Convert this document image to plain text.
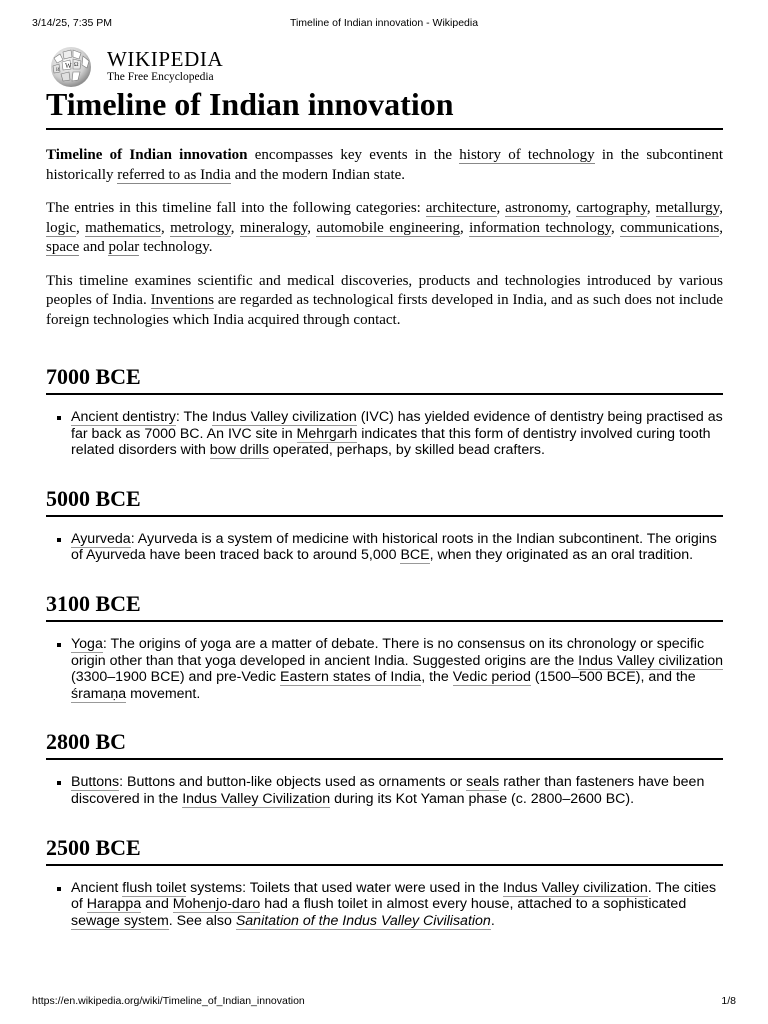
3/14/25, 7:35 PM	Timeline of Indian innovation - Wikipedia
W Ω
И WIKIPEDIA
The Free Encyclopedia
Timeline of Indian innovation

Timeline of Indian innovation encompasses key events in the history of technology in the subcontinent historically referred to as India and the modern Indian state.

The entries in this timeline fall into the following categories: architecture, astronomy, cartography, metallurgy, logic, mathematics, metrology, mineralogy, automobile engineering, information technology, communications, space and polar technology.

This timeline examines scientific and medical discoveries, products and technologies introduced by various peoples of India. Inventions are regarded as technological firsts developed in India, and as such does not include foreign technologies which India acquired through contact.

7000 BCE
Ancient dentistry: The Indus Valley civilization (IVC) has yielded evidence of dentistry being practised as far back as 7000 BC. An IVC site in Mehrgarh indicates that this form of dentistry involved curing tooth related disorders with bow drills operated, perhaps, by skilled bead crafters.
5000 BCE
Ayurveda: Ayurveda is a system of medicine with historical roots in the Indian subcontinent. The origins of Ayurveda have been traced back to around 5,000 BCE, when they originated as an oral tradition.
3100 BCE
Yoga: The origins of yoga are a matter of debate. There is no consensus on its chronology or specific origin other than that yoga developed in ancient India. Suggested origins are the Indus Valley civilization (3300–1900 BCE) and pre-Vedic Eastern states of India, the Vedic period (1500–500 BCE), and the śramaṇa movement.
2800 BC
Buttons: Buttons and button-like objects used as ornaments or seals rather than fasteners have been discovered in the Indus Valley Civilization during its Kot Yaman phase (c. 2800–2600 BC).
2500 BCE
Ancient flush toilet systems: Toilets that used water were used in the Indus Valley civilization. The cities of Harappa and Mohenjo-daro had a flush toilet in almost every house, attached to a sophisticated sewage system. See also Sanitation of the Indus Valley Civilisation.
https://en.wikipedia.org/wiki/Timeline_of_Indian_innovation	1/8
